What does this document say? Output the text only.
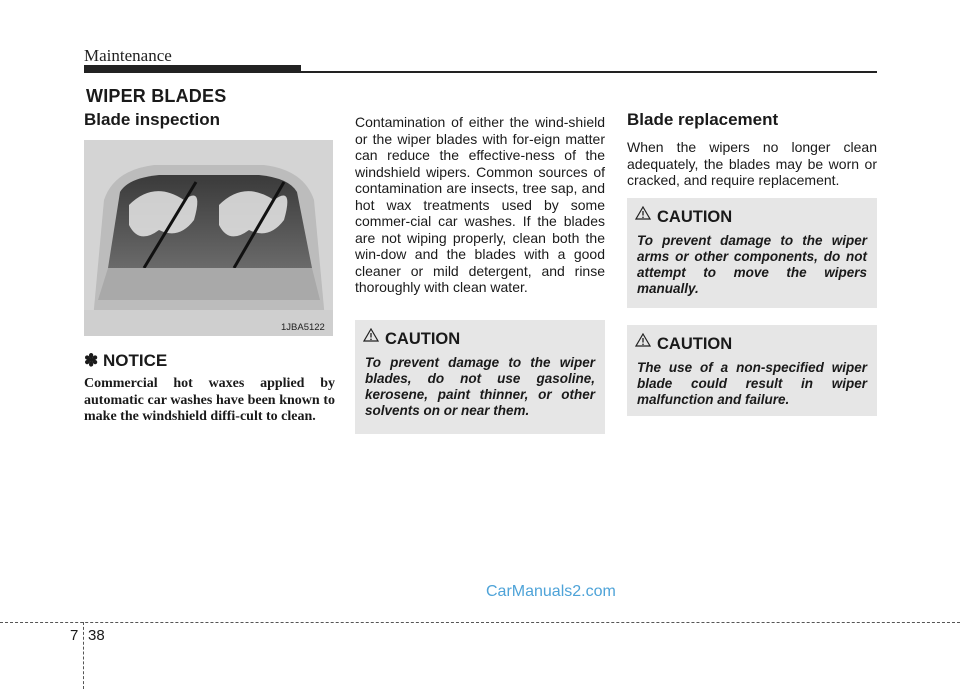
Maintenance
WIPER BLADES
Blade inspection
1JBA5122
✽ NOTICE
Commercial hot waxes applied by automatic car washes have been known to make the windshield diffi-cult to clean.

Contamination of either the wind-shield or the wiper blades with for-eign matter can reduce the effective-ness of the windshield wipers. Common sources of contamination are insects, tree sap, and hot wax treatments used by some commer-cial car washes. If the blades are not wiping properly, clean both the win-dow and the blades with a good cleaner or mild detergent, and rinse thoroughly with clean water.

CAUTION
To prevent damage to the wiper blades, do not use gasoline, kerosene, paint thinner, or other solvents on or near them.
Blade replacement

When the wipers no longer clean adequately, the blades may be worn or cracked, and require replacement.

CAUTION
To prevent damage to the wiper arms or other components, do not attempt to move the wipers manually.
CAUTION
The use of a non-specified wiper blade could result in wiper malfunction and failure.
CarManuals2.com
7 38
